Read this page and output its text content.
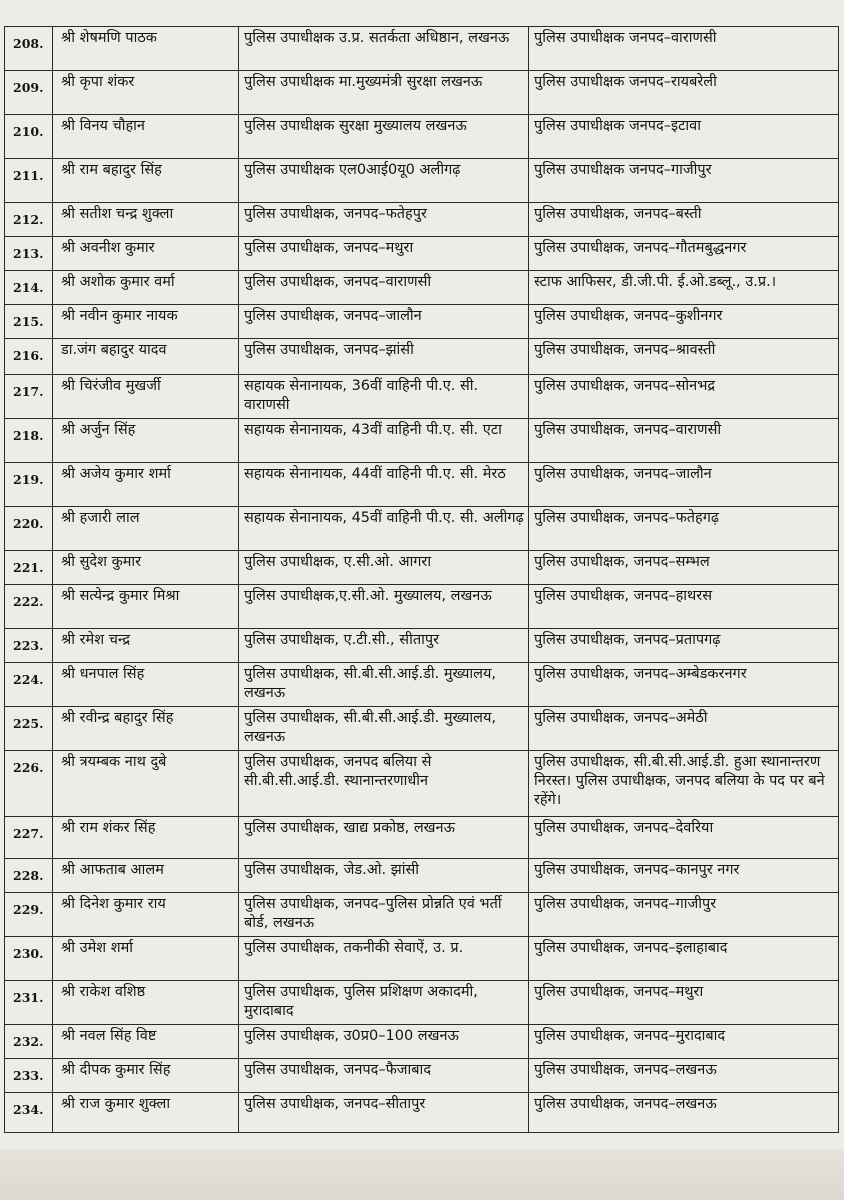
208.	श्री शेषमणि पाठक	पुलिस उपाधीक्षक उ.प्र. सतर्कता अधिष्ठान, लखनऊ	पुलिस उपाधीक्षक जनपद–वाराणसी
209.	श्री कृपा शंकर	पुलिस उपाधीक्षक मा.मुख्यमंत्री सुरक्षा लखनऊ	पुलिस उपाधीक्षक जनपद–रायबरेली
210.	श्री विनय चौहान	पुलिस उपाधीक्षक सुरक्षा मुख्यालय लखनऊ	पुलिस उपाधीक्षक जनपद–इटावा
211.	श्री राम बहादुर सिंह	पुलिस उपाधीक्षक एल0आई0यू0 अलीगढ़	पुलिस उपाधीक्षक जनपद–गाजीपुर
212.	श्री सतीश चन्द्र शुक्ला	पुलिस उपाधीक्षक, जनपद–फतेहपुर	पुलिस उपाधीक्षक, जनपद–बस्ती
213.	श्री अवनीश कुमार	पुलिस उपाधीक्षक, जनपद–मथुरा	पुलिस उपाधीक्षक, जनपद–गौतमबुद्धनगर
214.	श्री अशोक कुमार वर्मा	पुलिस उपाधीक्षक, जनपद–वाराणसी	स्टाफ आफिसर, डी.जी.पी. ई.ओ.डब्लू., उ.प्र.।
215.	श्री नवीन कुमार नायक	पुलिस उपाधीक्षक, जनपद–जालौन	पुलिस उपाधीक्षक, जनपद–कुशीनगर
216.	डा.जंग बहादुर यादव	पुलिस उपाधीक्षक, जनपद–झांसी	पुलिस उपाधीक्षक, जनपद–श्रावस्ती
217.	श्री चिरंजीव मुखर्जी	सहायक सेनानायक, 36वीं वाहिनी पी.ए. सी. वाराणसी	पुलिस उपाधीक्षक, जनपद–सोनभद्र
218.	श्री अर्जुन सिंह	सहायक सेनानायक, 43वीं वाहिनी पी.ए. सी. एटा	पुलिस उपाधीक्षक, जनपद–वाराणसी
219.	श्री अजेय कुमार शर्मा	सहायक सेनानायक, 44वीं वाहिनी पी.ए. सी. मेरठ	पुलिस उपाधीक्षक, जनपद–जालौन
220.	श्री हजारी लाल	सहायक सेनानायक, 45वीं वाहिनी पी.ए. सी. अलीगढ़	पुलिस उपाधीक्षक, जनपद–फतेहगढ़
221.	श्री सुदेश कुमार	पुलिस उपाधीक्षक, ए.सी.ओ. आगरा	पुलिस उपाधीक्षक, जनपद–सम्भल
222.	श्री सत्येन्द्र कुमार मिश्रा	पुलिस उपाधीक्षक,ए.सी.ओ. मुख्यालय, लखनऊ	पुलिस उपाधीक्षक, जनपद–हाथरस
223.	श्री रमेश चन्द्र	पुलिस उपाधीक्षक, ए.टी.सी., सीतापुर	पुलिस उपाधीक्षक, जनपद–प्रतापगढ़
224.	श्री धनपाल सिंह	पुलिस उपाधीक्षक, सी.बी.सी.आई.डी. मुख्यालय, लखनऊ	पुलिस उपाधीक्षक, जनपद–अम्बेडकरनगर
225.	श्री रवीन्द्र बहादुर सिंह	पुलिस उपाधीक्षक, सी.बी.सी.आई.डी. मुख्यालय, लखनऊ	पुलिस उपाधीक्षक, जनपद–अमेठी
226.	श्री त्रयम्बक नाथ दुबे	पुलिस उपाधीक्षक, जनपद बलिया से सी.बी.सी.आई.डी. स्थानान्तरणाधीन	पुलिस उपाधीक्षक, सी.बी.सी.आई.डी. हुआ स्थानान्तरण निरस्त। पुलिस उपाधीक्षक, जनपद बलिया के पद पर बने रहेंगे।
227.	श्री राम शंकर सिंह	पुलिस उपाधीक्षक, खाद्य प्रकोष्ठ, लखनऊ	पुलिस उपाधीक्षक, जनपद–देवरिया
228.	श्री आफताब आलम	पुलिस उपाधीक्षक, जेड.ओ. झांसी	पुलिस उपाधीक्षक, जनपद–कानपुर नगर
229.	श्री दिनेश कुमार राय	पुलिस उपाधीक्षक, जनपद–पुलिस प्रोन्नति एवं भर्ती बोर्ड, लखनऊ	पुलिस उपाधीक्षक, जनपद–गाजीपुर
230.	श्री उमेश शर्मा	पुलिस उपाधीक्षक, तकनीकी सेवाऐं, उ. प्र.	पुलिस उपाधीक्षक, जनपद–इलाहाबाद
231.	श्री राकेश वशिष्ठ	पुलिस उपाधीक्षक, पुलिस प्रशिक्षण अकादमी, मुरादाबाद	पुलिस उपाधीक्षक, जनपद–मथुरा
232.	श्री नवल सिंह विष्ट	पुलिस उपाधीक्षक, उ0प्र0–100 लखनऊ	पुलिस उपाधीक्षक, जनपद–मुरादाबाद
233.	श्री दीपक कुमार सिंह	पुलिस उपाधीक्षक, जनपद–फैजाबाद	पुलिस उपाधीक्षक, जनपद–लखनऊ
234.	श्री राज कुमार शुक्ला	पुलिस उपाधीक्षक, जनपद–सीतापुर	पुलिस उपाधीक्षक, जनपद–लखनऊ
